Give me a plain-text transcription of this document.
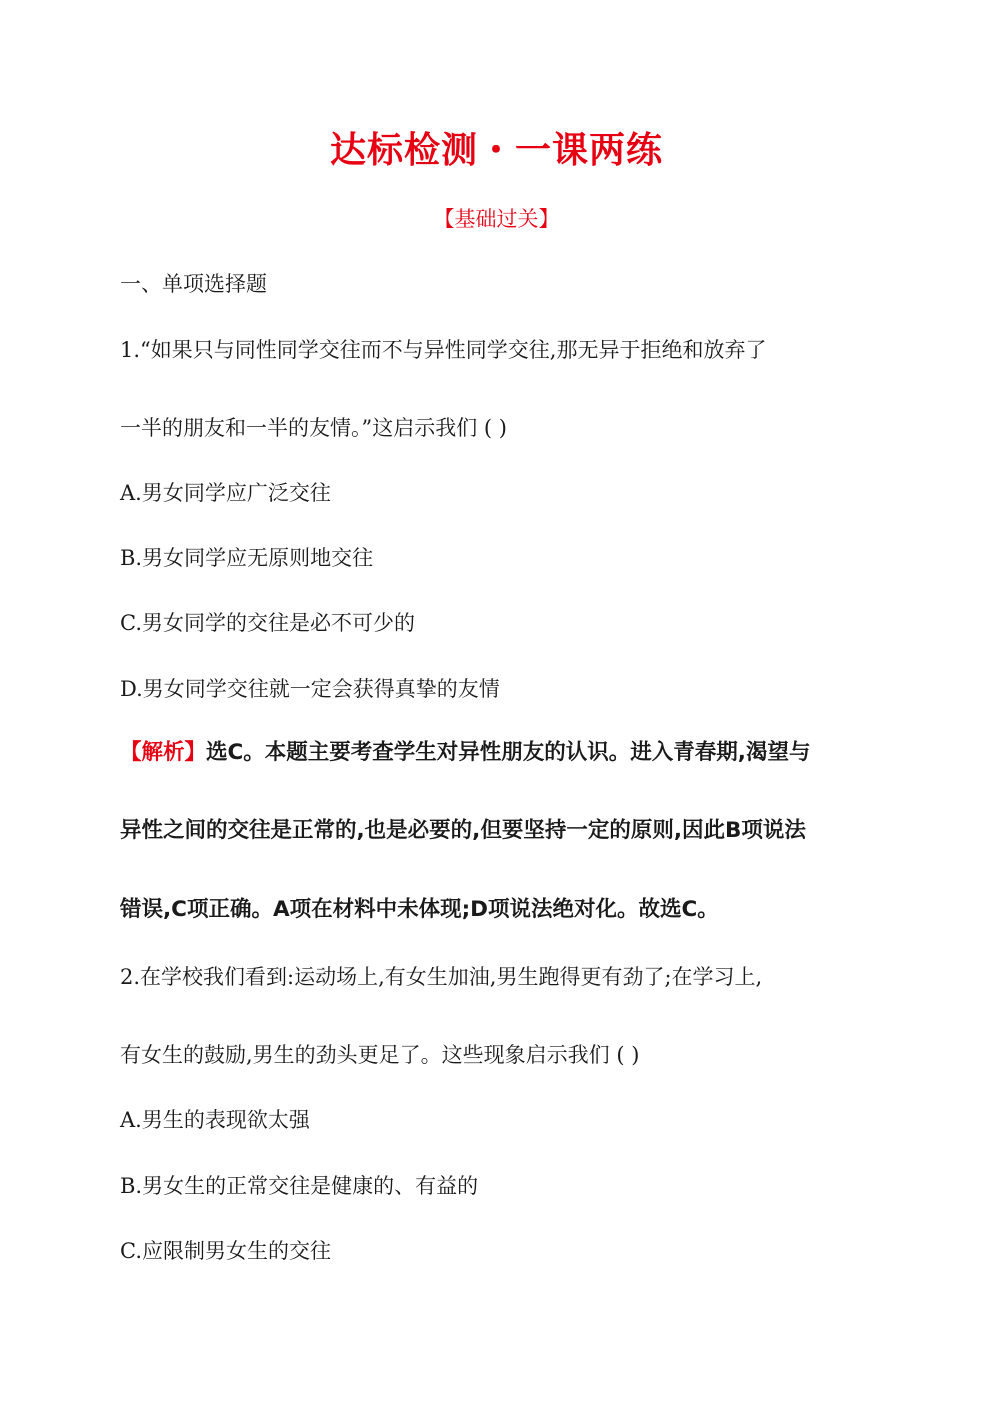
达标检测・一课两练
【基础过关】
一、单项选择题
1.“如果只与同性同学交往而不与异性同学交往,那无异于拒绝和放弃了
一半的朋友和一半的友情。”这启示我们 ( )
A.男女同学应广泛交往
B.男女同学应无原则地交往
C.男女同学的交往是必不可少的
D.男女同学交往就一定会获得真挚的友情
【解析】选C。本题主要考查学生对异性朋友的认识。进入青春期,渴望与
异性之间的交往是正常的,也是必要的,但要坚持一定的原则,因此B项说法
错误,C项正确。A项在材料中未体现;D项说法绝对化。故选C。
2.在学校我们看到:运动场上,有女生加油,男生跑得更有劲了;在学习上,
有女生的鼓励,男生的劲头更足了。这些现象启示我们 ( )
A.男生的表现欲太强
B.男女生的正常交往是健康的、有益的
C.应限制男女生的交往
